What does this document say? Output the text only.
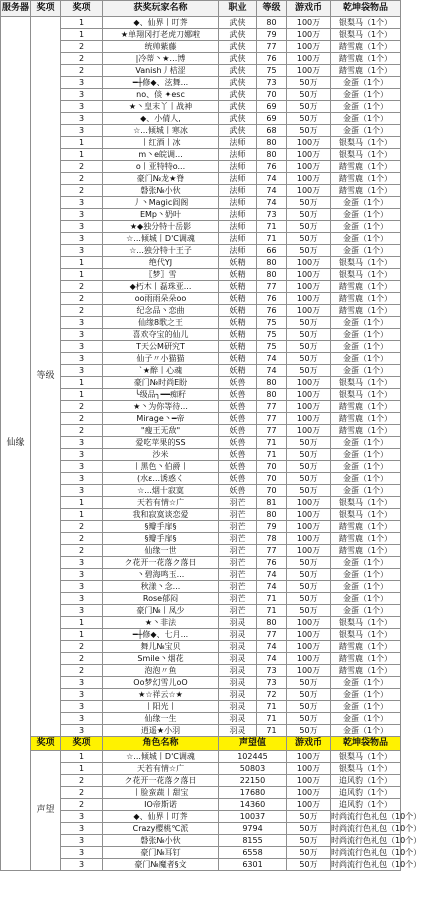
服务器	奖项	奖项	获奖玩家名称	职业	等级	游戏币	乾坤袋物品
仙缘	等级	1	◆、仙界丨叮荠	武侠	80	100万	银梨马（1个）
		1	★单翔冈打老虎刀娜啦	武侠	79	100万	银梨马（1个）
		2	统帅紫藤	武侠	77	100万	踏雪鹿（1个）
		2	|冷蒂丶★…博	武侠	76	100万	踏雪鹿（1个）
		2	Vanish丿桔涩	武侠	75	100万	踏雪鹿（1个）
		3	━┼修◆、泫舞...	武侠	73	50万	金蛋（1个）
		3	no、倓 ✦esc	武侠	70	50万	金蛋（1个）
		3	★丶皇末丫丨战神	武侠	69	50万	金蛋（1个）
		3	◆、小倩人,	武侠	69	50万	金蛋（1个）
		3	☆...倾城丨寒冰	武侠	68	50万	金蛋（1个）
		1	丨红酒丨冰	法师	80	100万	银梨马（1个）
		1	m丶e皖调...	法师	80	100万	银梨马（1个）
		2	o丨亚特特o...	法师	76	100万	踏雪鹿（1个）
		2	豪门№龙★脊	法师	74	100万	踏雪鹿（1个）
		2	磐张№小伙	法师	74	100万	踏雪鹿（1个）
		3	丿丶Magic阎阁	法师	74	50万	金蛋（1个）
		3	EMp丶奶叶	法师	73	50万	金蛋（1个）
		3	★◆独分特十岳影	法师	71	50万	金蛋（1个）
		3	☆...倾城丨D'C调魂	法师	71	50万	金蛋（1个）
		3	☆...独分特十王子	法师	66	50万	金蛋（1个）
		1	绝代YJ	妖精	80	100万	银梨马（1个）
		1	〖梦〗雪	妖精	80	100万	银梨马（1个）
		2	◆朽木丨磊珠亚...	妖精	77	100万	踏雪鹿（1个）
		2	oo雨雨朵朵oo	妖精	76	100万	踏雪鹿（1个）
		2	纪念品丶恋曲	妖精	76	100万	踏雪鹿（1个）
		3	仙缘8歌之王	妖精	75	50万	金蛋（1个）
		3	喜欢夺宝的仙儿	妖精	75	50万	金蛋（1个）
		3	T天公M研究T	妖精	75	50万	金蛋（1个）
		3	仙子〃小猫猫	妖精	74	50万	金蛋（1个）
		3	`★醉丨心魂	妖精	74	50万	金蛋（1个）
		1	豪门№时尚E盼	妖兽	80	100万	银梨马（1个）
		1	╰级品╮━━痴籽	妖兽	80	100万	银梨马（1个）
		2	★丶为你等待...	妖兽	77	100万	踏雪鹿（1个）
		2	Mirage丶━帝	妖兽	77	100万	踏雪鹿（1个）
		2	"瘦王无敌"	妖兽	77	100万	踏雪鹿（1个）
		3	爱吃苹果的SS	妖兽	71	50万	金蛋（1个）
		3	沙米	妖兽	71	50万	金蛋（1个）
		3	丨黑色丶伯爵丨	妖兽	70	50万	金蛋（1个）
		3	(水ε...诱惑く	妖兽	70	50万	金蛋（1个）
		3	☆...烟十寂寞	妖兽	70	50万	金蛋（1个）
		1	天若有情☆广	羽芒	81	100万	银梨马（1个）
		1	我和寂寞谈恋爱	羽芒	80	100万	银梨马（1个）
		2	§瓣手扉§	羽芒	79	100万	踏雪鹿（1个）
		2	§瓣手扉§	羽芒	78	100万	踏雪鹿（1个）
		2	仙缘一世	羽芒	77	100万	踏雪鹿（1个）
		3	ク花开一花落ク落日	羽芒	76	50万	金蛋（1个）
		3	丶碧海鸣玉...	羽芒	74	50万	金蛋（1个）
		3	秋漾丶念...	羽芒	74	50万	金蛋（1个）
		3	Rose郁闷	羽芒	71	50万	金蛋（1个）
		3	豪门№丨凤少	羽芒	71	50万	金蛋（1个）
		1	★丶非法	羽灵	80	100万	银梨马（1个）
		1	━┼修◆、七月...	羽灵	77	100万	银梨马（1个）
		2	舞儿№宝贝	羽灵	74	100万	踏雪鹿（1个）
		2	Smile丶烟花	羽灵	74	100万	踏雪鹿（1个）
		2	泡泡〃鱼	羽灵	73	100万	踏雪鹿（1个）
		3	Oo梦幻雪儿oO	羽灵	73	50万	金蛋（1个）
		3	★☆祥云☆★	羽灵	72	50万	金蛋（1个）
		3	丨阳光丨	羽灵	71	50万	金蛋（1个）
		3	仙缘一生	羽灵	71	50万	金蛋（1个）
		3	逍遥★小羽	羽灵	71	50万	金蛋（1个）
	奖项	奖项	角色名称	声望值		游戏币	乾坤袋物品
	声望	1	☆...倾城丨D'C调魂	102445		100万	银梨马（1个）
		1	天若有情☆广	50803		100万	银梨马（1个）
		2	ク花开一花落ク落日	22150		100万	追风豹（1个）
		2	丨脸蛮蔬丨甜宝	17680		100万	追风豹（1个）
		2	IO帝斯诺	14360		100万	追风豹（1个）
		3	◆、仙界丨叮荠	10037		50万	时尚流行色礼包（10个）
		3	Crazy樱桃℃派	9794		50万	时尚流行色礼包（10个）
		3	磐张№小伙	8155		50万	时尚流行色礼包（10个）
		3	豪门№耳钉	6558		50万	时尚流行色礼包（10个）
		3	豪门№魔者§文	6301		50万	时尚流行色礼包（10个）
